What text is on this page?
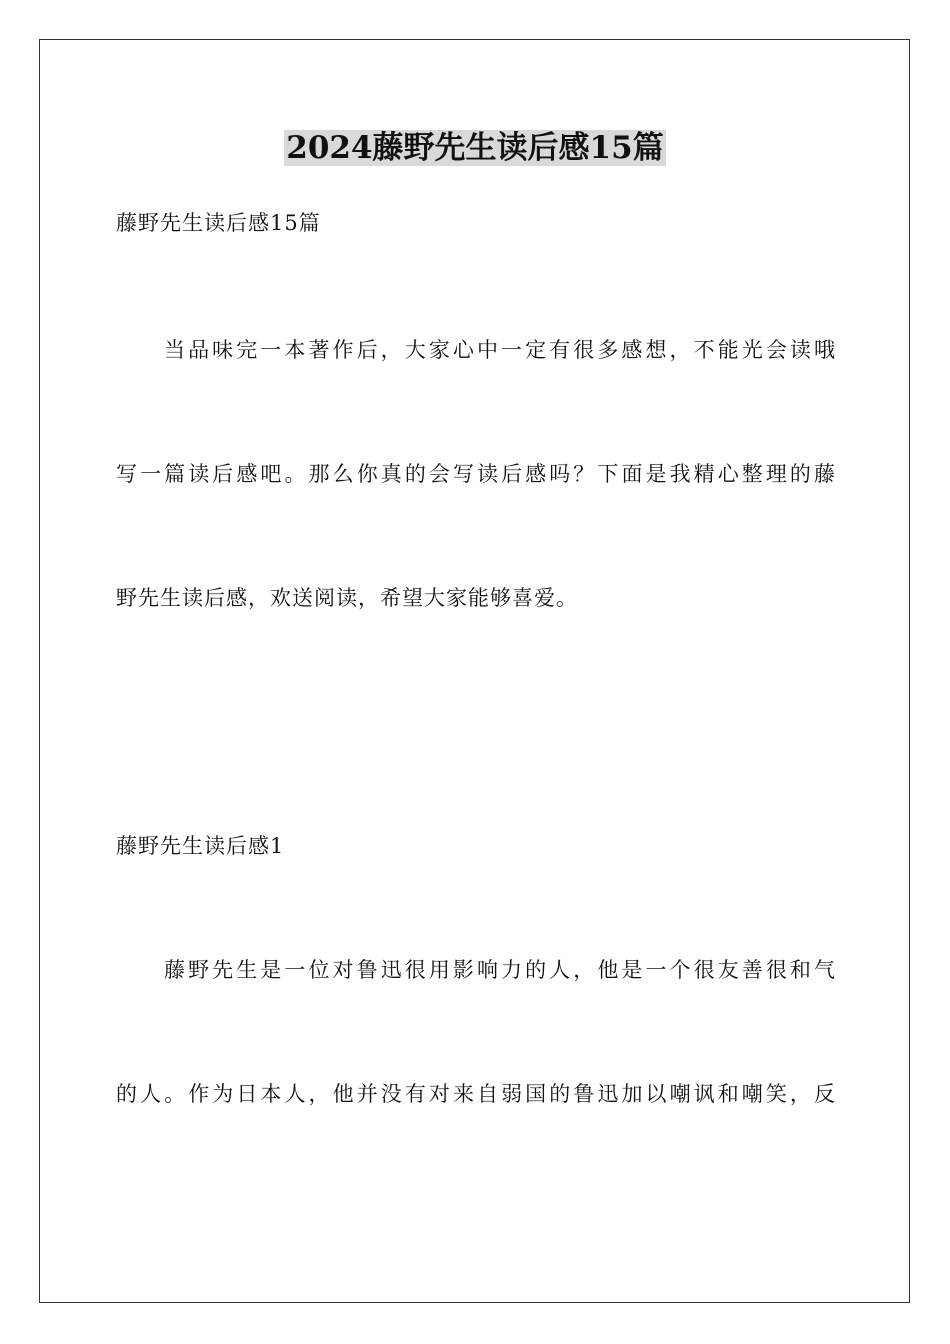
2024藤野先生读后感15篇
藤野先生读后感15篇
当品味完一本著作后，大家心中一定有很多感想，不能光会读哦
写一篇读后感吧。那么你真的会写读后感吗？下面是我精心整理的藤
野先生读后感，欢送阅读，希望大家能够喜爱。
藤野先生读后感1
藤野先生是一位对鲁迅很用影响力的人，他是一个很友善很和气
的人。作为日本人，他并没有对来自弱国的鲁迅加以嘲讽和嘲笑，反
